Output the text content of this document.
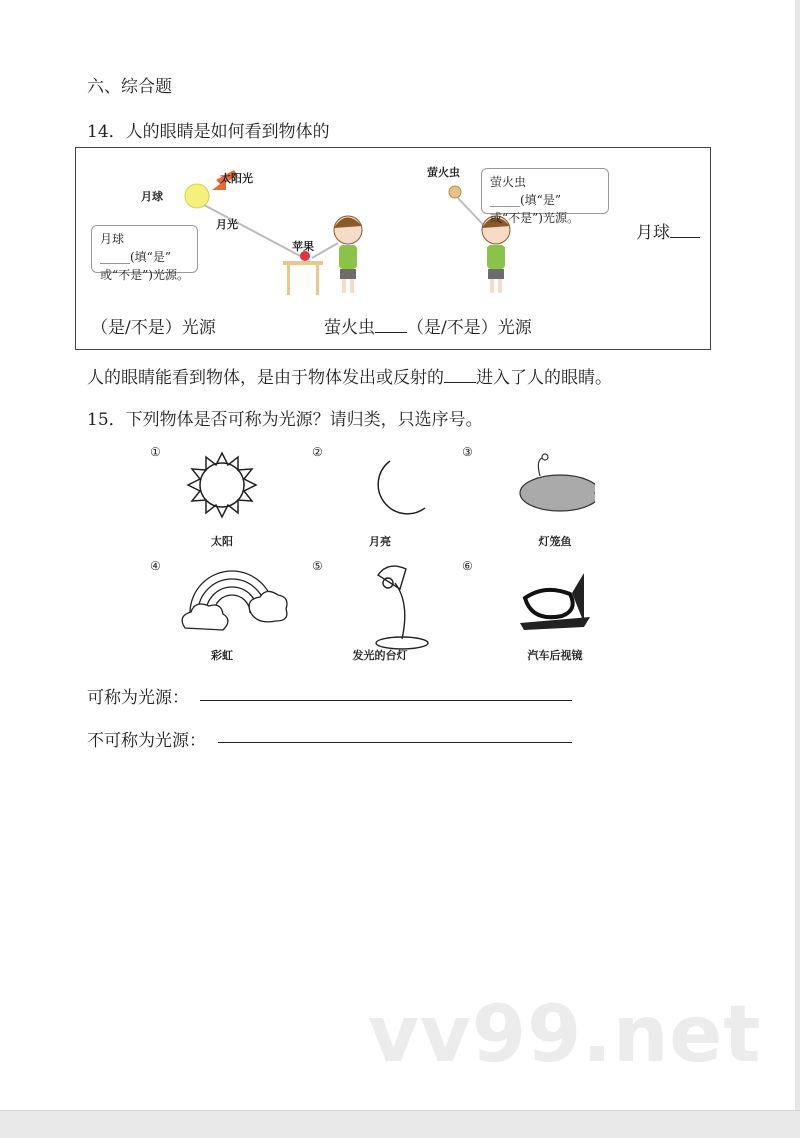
六、综合题
14．人的眼睛是如何看到物体的
太阳光
月球
月光
苹果
萤火虫
月球 _____(填“是”
或“不是”)光源。
萤火虫 _____(填“是”
或“不是”)光源。
月球
（是/不是）光源	萤火虫 （是/不是）光源
人的眼睛能看到物体，是由于物体发出或反射的 进入了人的眼睛。
15．下列物体是否可称为光源？请归类，只选序号。
①	②	③
④	⑤	⑥
太阳	月亮	灯笼鱼
彩虹	发光的台灯	汽车后视镜
可称为光源：
不可称为光源：
vv99.net
